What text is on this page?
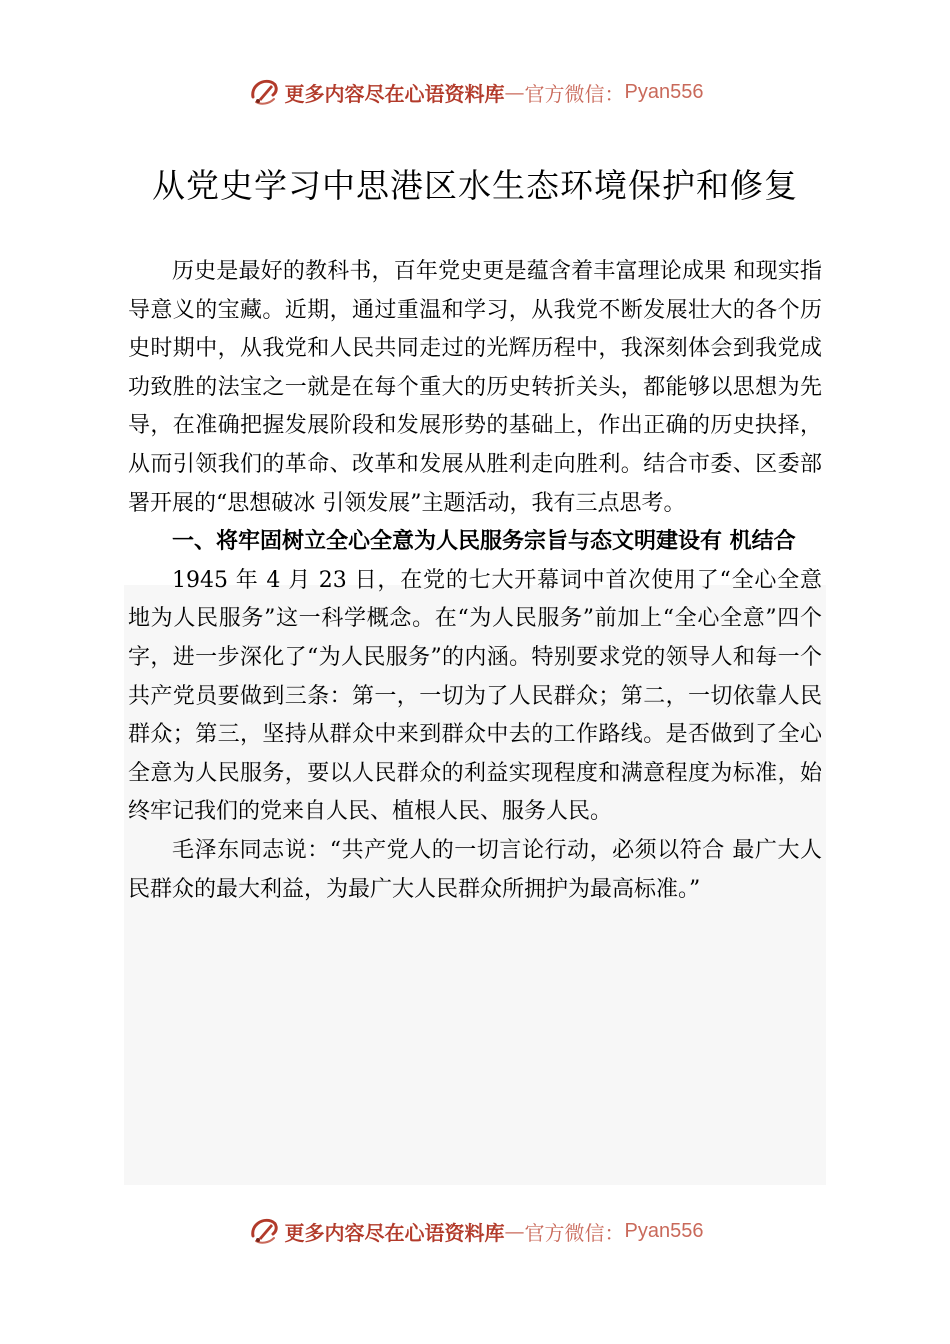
更多内容尽在心语资料库 — 官方微信： Pyan556
从党史学习中思港区水生态环境保护和修复

历史是最好的教科书，百年党史更是蕴含着丰富理论成果 和现实指导意义的宝藏。近期，通过重温和学习，从我党不断发展壮大的各个历史时期中，从我党和人民共同走过的光辉历程中，我深刻体会到我党成功致胜的法宝之一就是在每个重大的历史转折关头，都能够以思想为先导，在准确把握发展阶段和发展形势的基础上，作出正确的历史抉择，从而引领我们的革命、改革和发展从胜利走向胜利。结合市委、区委部署开展的“思想破冰 引领发展”主题活动，我有三点思考。

一、将牢固树立全心全意为人民服务宗旨与态文明建设有 机结合

1945 年 4 月 23 日，在党的七大开幕词中首次使用了“全心全意地为人民服务”这一科学概念。在“为人民服务”前加上“全心全意”四个字，进一步深化了“为人民服务”的内涵。特别要求党的领导人和每一个共产党员要做到三条：第一，一切为了人民群众；第二，一切依靠人民群众；第三，坚持从群众中来到群众中去的工作路线。是否做到了全心全意为人民服务，要以人民群众的利益实现程度和满意程度为标准，始终牢记我们的党来自人民、植根人民、服务人民。

毛泽东同志说：“共产党人的一切言论行动，必须以符合 最广大人民群众的最大利益，为最广大人民群众所拥护为最高标准。”

更多内容尽在心语资料库 — 官方微信： Pyan556
